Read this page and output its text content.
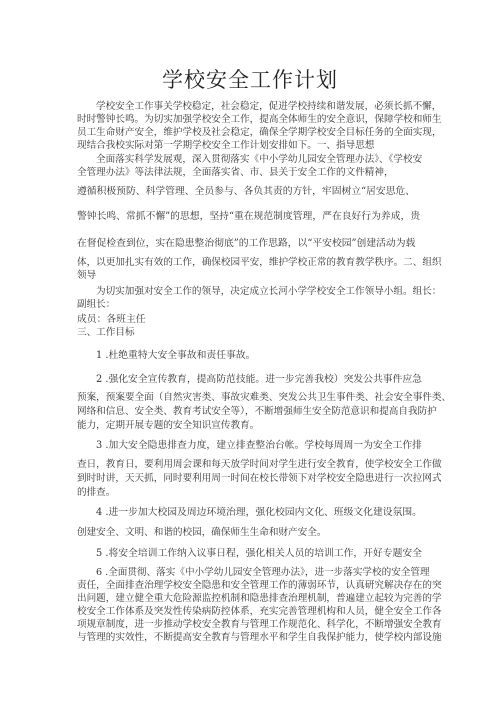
学校安全工作计划
学校安全工作事关学校稳定，社会稳定，促进学校持续和谐发展，必须长抓不懈，
时时警钟长鸣。为切实加强学校安全工作，提高全体师生的安全意识，保障学校和师生
员工生命财产安全，维护学校及社会稳定，确保全学期学校安全目标任务的全面实现，
现结合我校实际对第一学期学校安全工作计划安排如下。一、指导思想
全面落实科学发展观，深入贯彻落实《中小学幼儿园安全管理办法》、《学校安
全管理办法》等法律法规，全面落实省、市、县关于安全工作的文件精神，
遵循积极预防、科学管理、全员参与、各负其责的方针，牢固树立“居安思危、
警钟长鸣、常抓不懈”的思想，坚持“重在规范制度管理，严在良好行为养成，贵
在督促检查到位，实在隐患整治彻底”的工作思路，以“平安校园”创建活动为载
体，以更加扎实有效的工作，确保校园平安，维护学校正常的教育教学秩序。二、组织
领导
为切实加强对安全工作的领导，决定成立长河小学学校安全工作领导小组。组长：
副组长：
成员：各班主任
三、工作目标
1 .杜绝重特大安全事故和责任事故。
2 .强化安全宣传教育，提高防范技能。进一步完善我校）突发公共事件应急
预案，预案要全面（自然灾害类、事故灾难类、突发公共卫生事件类、社会安全事件类、
网络和信息、安全类、教育考试安全等），不断增强师生安全防范意识和提高自我防护
能力，定期开展专题的安全知识宣传教育。
3 .加大安全隐患排查力度，建立排查整治台帐。学校每周周一为安全工作排
查日，教育日，要利用周会课和每天放学时间对学生进行安全教育，使学校安全工作做
到时时讲，天天抓，同时要利用周一时间在校长带领下对学校安全隐患进行一次拉网式
的排查。
4 .进一步加大校园及周边环境治理，强化校园内文化、班级文化建设氛围。
创建安全、文明、和谐的校园，确保师生生命和财产安全。
5 .将安全培训工作纳入议事日程，强化相关人员的培训工作，开好专题安全
6 .全面贯彻、落实《中小学幼儿园安全管理办法》，进一步落实学校的安全管理
责任，全面排查治理学校安全隐患和安全管理工作的薄弱环节，认真研究解决存在的突
出问题，建立健全重大危险源监控机制和隐患排查治理机制，普遍建立起较为完善的学
校安全工作体系及突发性传染病防控体系，充实完善管理机构和人员，健全安全工作各
项规章制度，进一步推动学校安全教育与管理工作规范化、科学化，不断增强安全教育
与管理的实效性，不断提高安全教育与管理水平和学生自我保护能力，使学校内部设施
